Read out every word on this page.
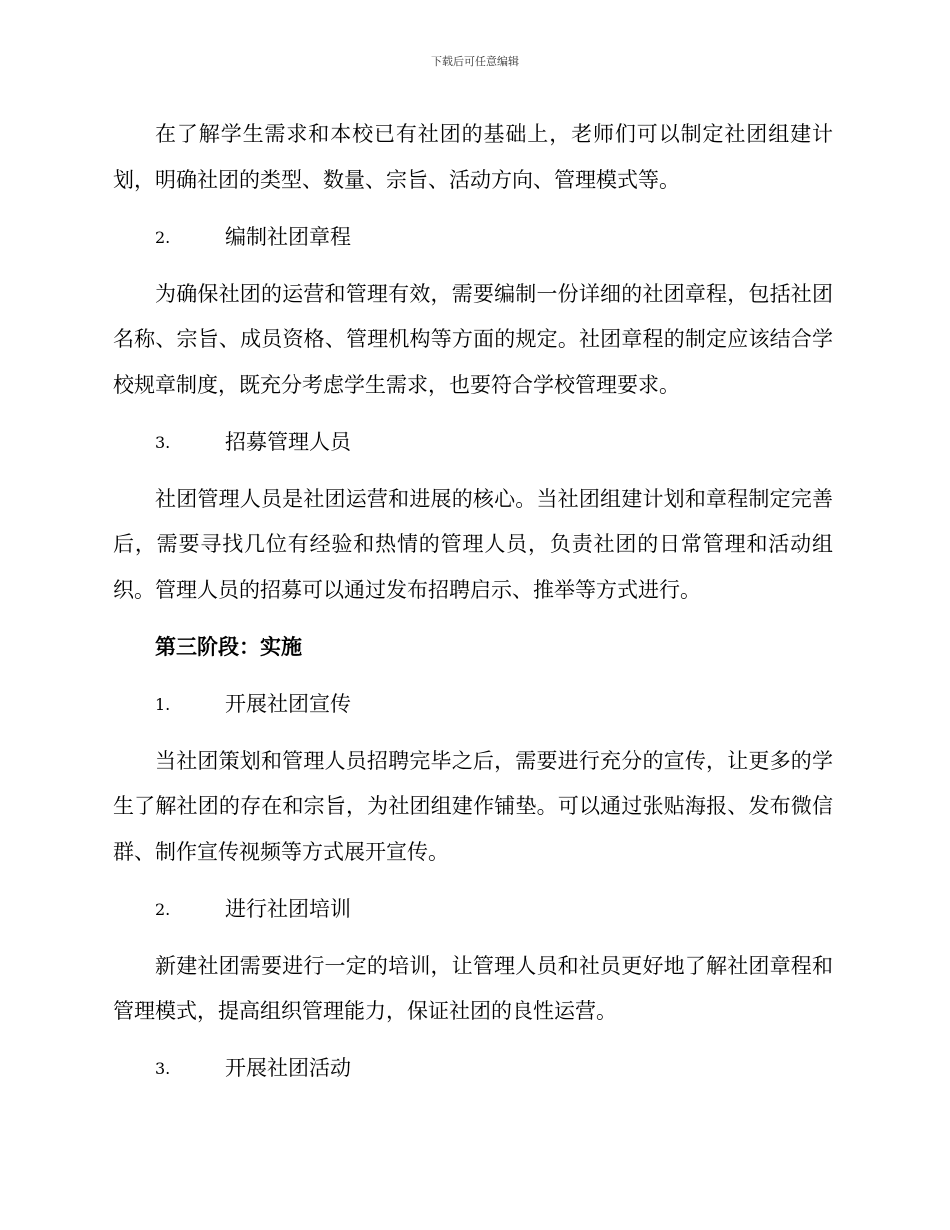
下载后可任意编辑

在了解学生需求和本校已有社团的基础上，老师们可以制定社团组建计划，明确社团的类型、数量、宗旨、活动方向、管理模式等。

2.	编制社团章程

为确保社团的运营和管理有效，需要编制一份详细的社团章程，包括社团名称、宗旨、成员资格、管理机构等方面的规定。社团章程的制定应该结合学校规章制度，既充分考虑学生需求，也要符合学校管理要求。

3.	招募管理人员

社团管理人员是社团运营和进展的核心。当社团组建计划和章程制定完善后，需要寻找几位有经验和热情的管理人员，负责社团的日常管理和活动组织。管理人员的招募可以通过发布招聘启示、推举等方式进行。

第三阶段：实施
1.	开展社团宣传

当社团策划和管理人员招聘完毕之后，需要进行充分的宣传，让更多的学生了解社团的存在和宗旨，为社团组建作铺垫。可以通过张贴海报、发布微信群、制作宣传视频等方式展开宣传。

2.	进行社团培训

新建社团需要进行一定的培训，让管理人员和社员更好地了解社团章程和管理模式，提高组织管理能力，保证社团的良性运营。

3.	开展社团活动
